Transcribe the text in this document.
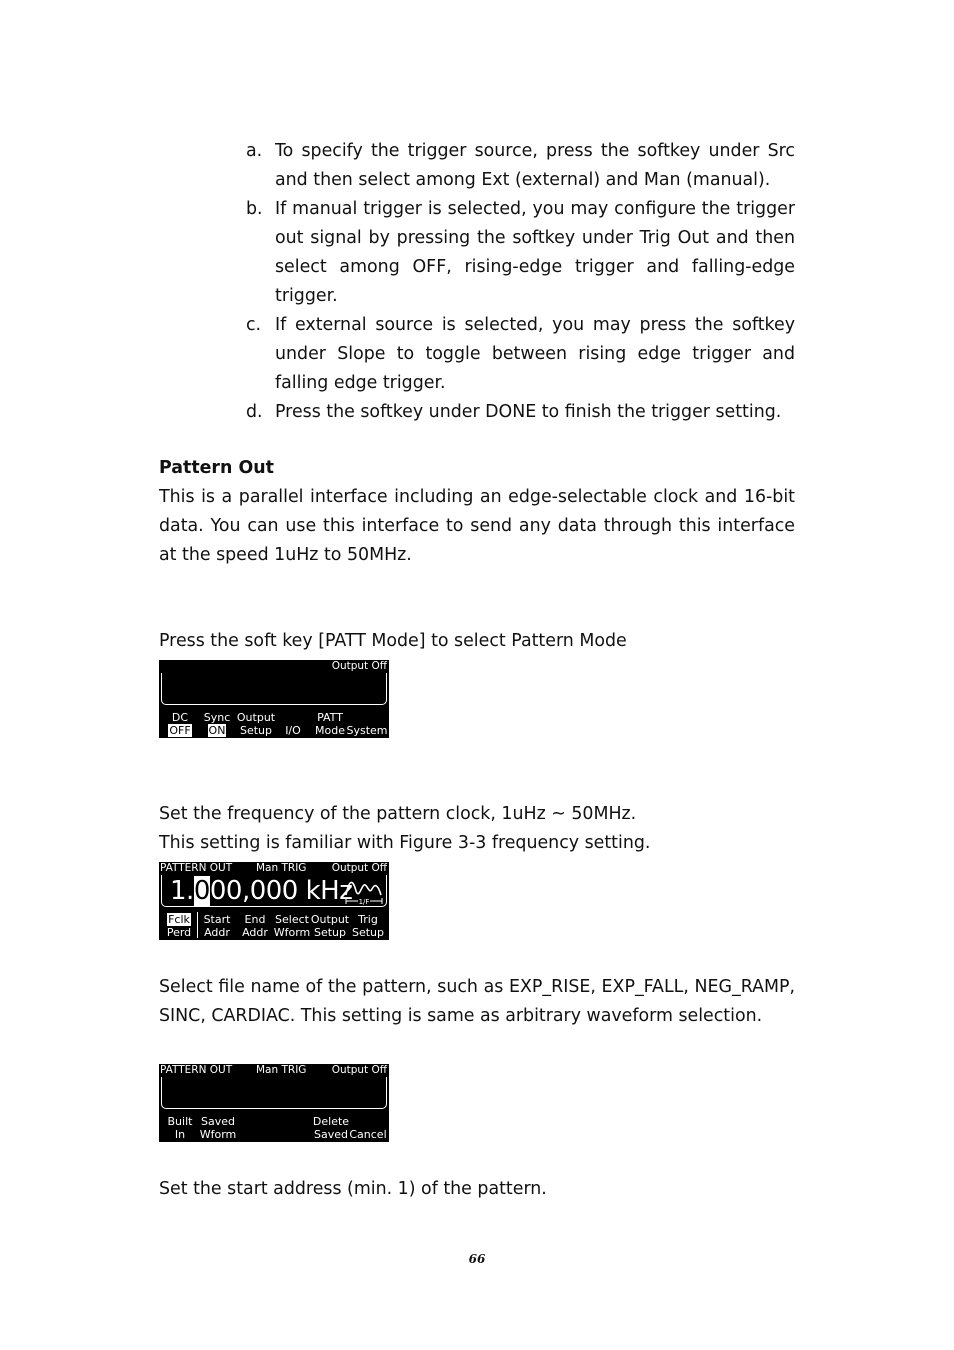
a. To specify the trigger source, press the softkey under Src and then select among Ext (external) and Man (manual).
b. If manual trigger is selected, you may configure the trigger out signal by pressing the softkey under Trig Out and then select among OFF, rising-edge trigger and falling-edge trigger.
c. If external source is selected, you may press the softkey under Slope to toggle between rising edge trigger and falling edge trigger.
d. Press the softkey under DONE to finish the trigger setting.

Pattern Out

This is a parallel interface including an edge-selectable clock and 16-bit data. You can use this interface to send any data through this interface at the speed 1uHz to 50MHz.

Press the soft key [PATT Mode] to select Pattern Mode

Output Off
DC
OFF
Sync
ON
Output
Setup
	I/O
PATT
Mode
System

Set the frequency of the pattern clock, 1uHz ~ 50MHz.

This setting is familiar with Figure 3-3 frequency setting.

PATTERN OUT Man TRIG Output Off
1.000,000 kHz 1/F
Fclk
Perd
Start
Addr
End
Addr
Select
Wform
Output
Setup
Trig
Setup

Select file name of the pattern, such as EXP_RISE, EXP_FALL, NEG_RAMP, SINC, CARDIAC. This setting is same as arbitrary waveform selection.

PATTERN OUT Man TRIG Output Off
Built
In
Saved
Wform
Delete
Saved
Cancel

Set the start address (min. 1) of the pattern.

66
